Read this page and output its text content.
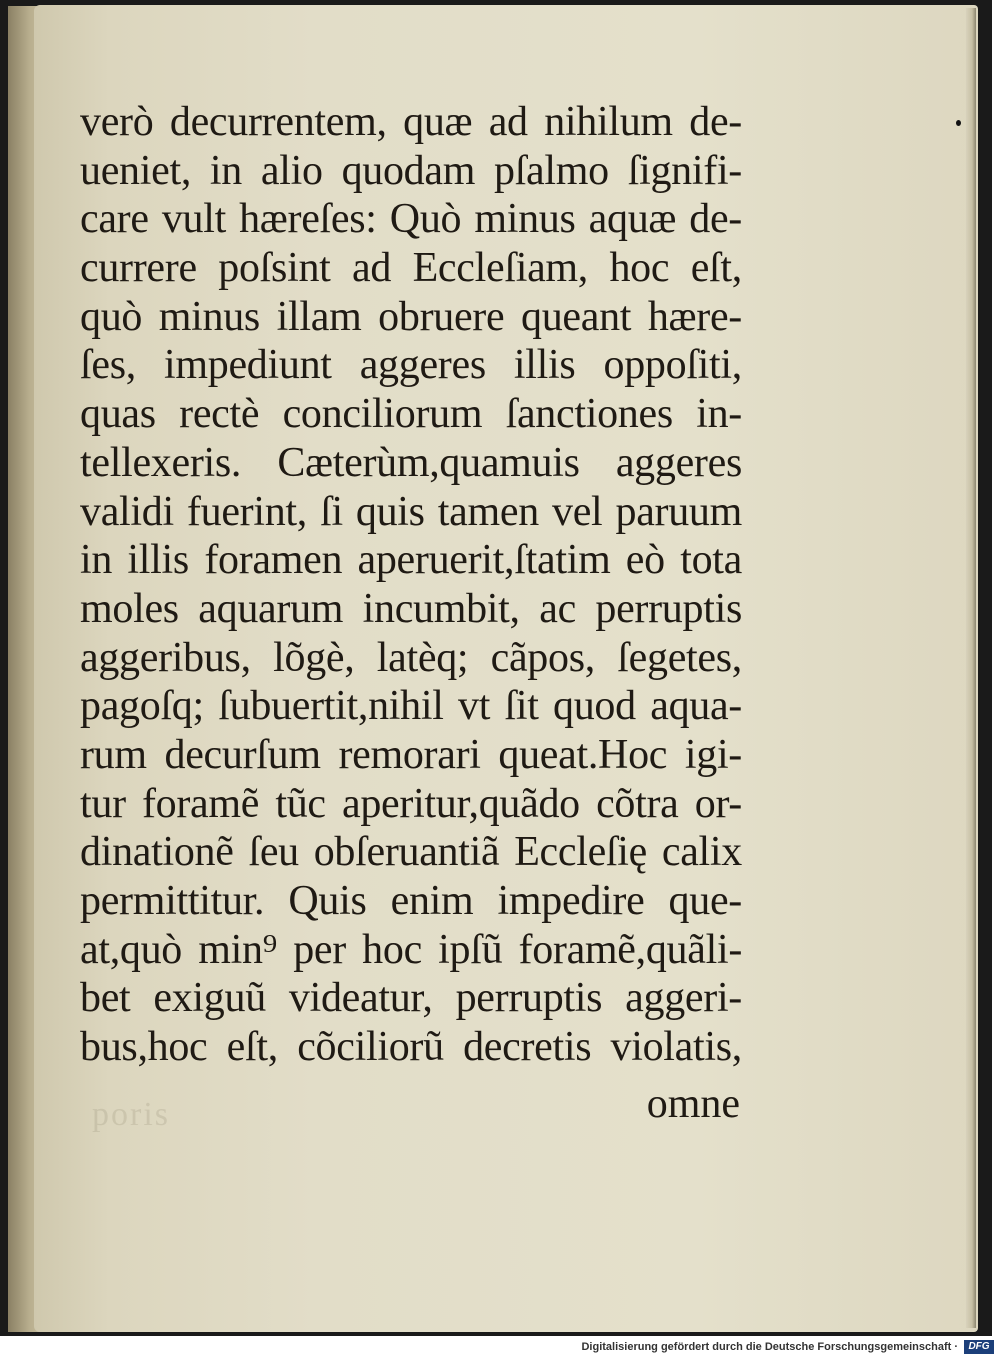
poris
verò decurrentem, quæ ad nihilum de-
ueniet, in alio quodam pſalmo ſignifi-
care vult hæreſes: Quò minus aquæ de-
currere poſsint ad Eccleſiam, hoc eſt,
quò minus illam obruere queant hære-
ſes, impediunt aggeres illis oppoſiti,
quas rectè conciliorum ſanctiones in-
tellexeris. Cæterùm,quamuis aggeres
validi fuerint, ſi quis tamen vel paruum
in illis foramen aperuerit,ſtatim eò tota
moles aquarum incumbit, ac perruptis
aggeribus, lõgè, latèq; cãpos, ſegetes,
pagoſq; ſubuertit,nihil vt ſit quod aqua-
rum decurſum remorari queat.Hoc igi-
tur foramẽ tũc aperitur,quãdo cõtra or-
dinationẽ ſeu obſeruantiã Eccleſię calix
permittitur. Quis enim impedire que-
at,quò min⁹ per hoc ipſũ foramẽ,quãli-
bet exiguũ videatur, perruptis aggeri-
bus,hoc eſt, cõciliorũ decretis violatis,
omne
Digitalisierung gefördert durch die Deutsche Forschungsgemeinschaft ·	DFG
